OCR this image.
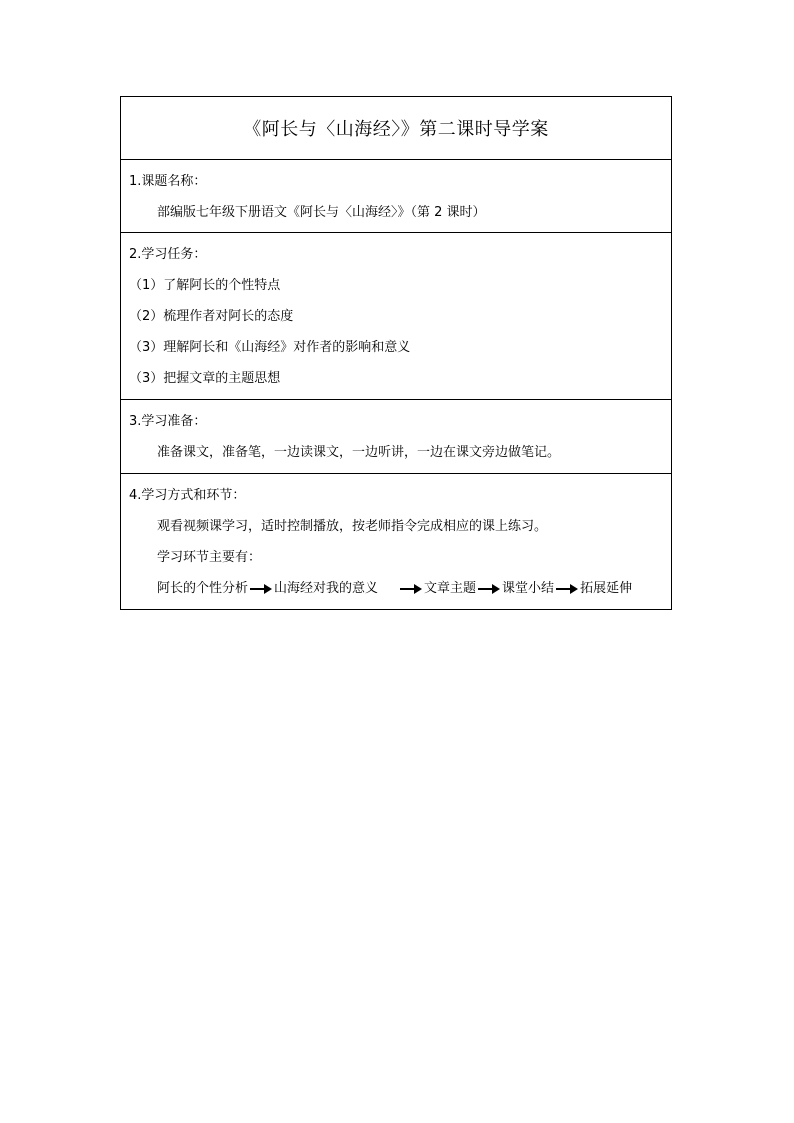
《阿长与〈山海经〉》第二课时导学案
1.课题名称：
部编版七年级下册语文《阿长与〈山海经〉》（第 2 课时）
2.学习任务：
（1）了解阿长的个性特点
（2）梳理作者对阿长的态度
（3）理解阿长和《山海经》对作者的影响和意义
（3）把握文章的主题思想
3.学习准备：
准备课文，准备笔，一边读课文，一边听讲，一边在课文旁边做笔记。
4.学习方式和环节：
观看视频课学习，适时控制播放，按老师指令完成相应的课上练习。
学习环节主要有：
阿长的个性分析 山海经对我的意义	文章主题 课堂小结 拓展延伸
